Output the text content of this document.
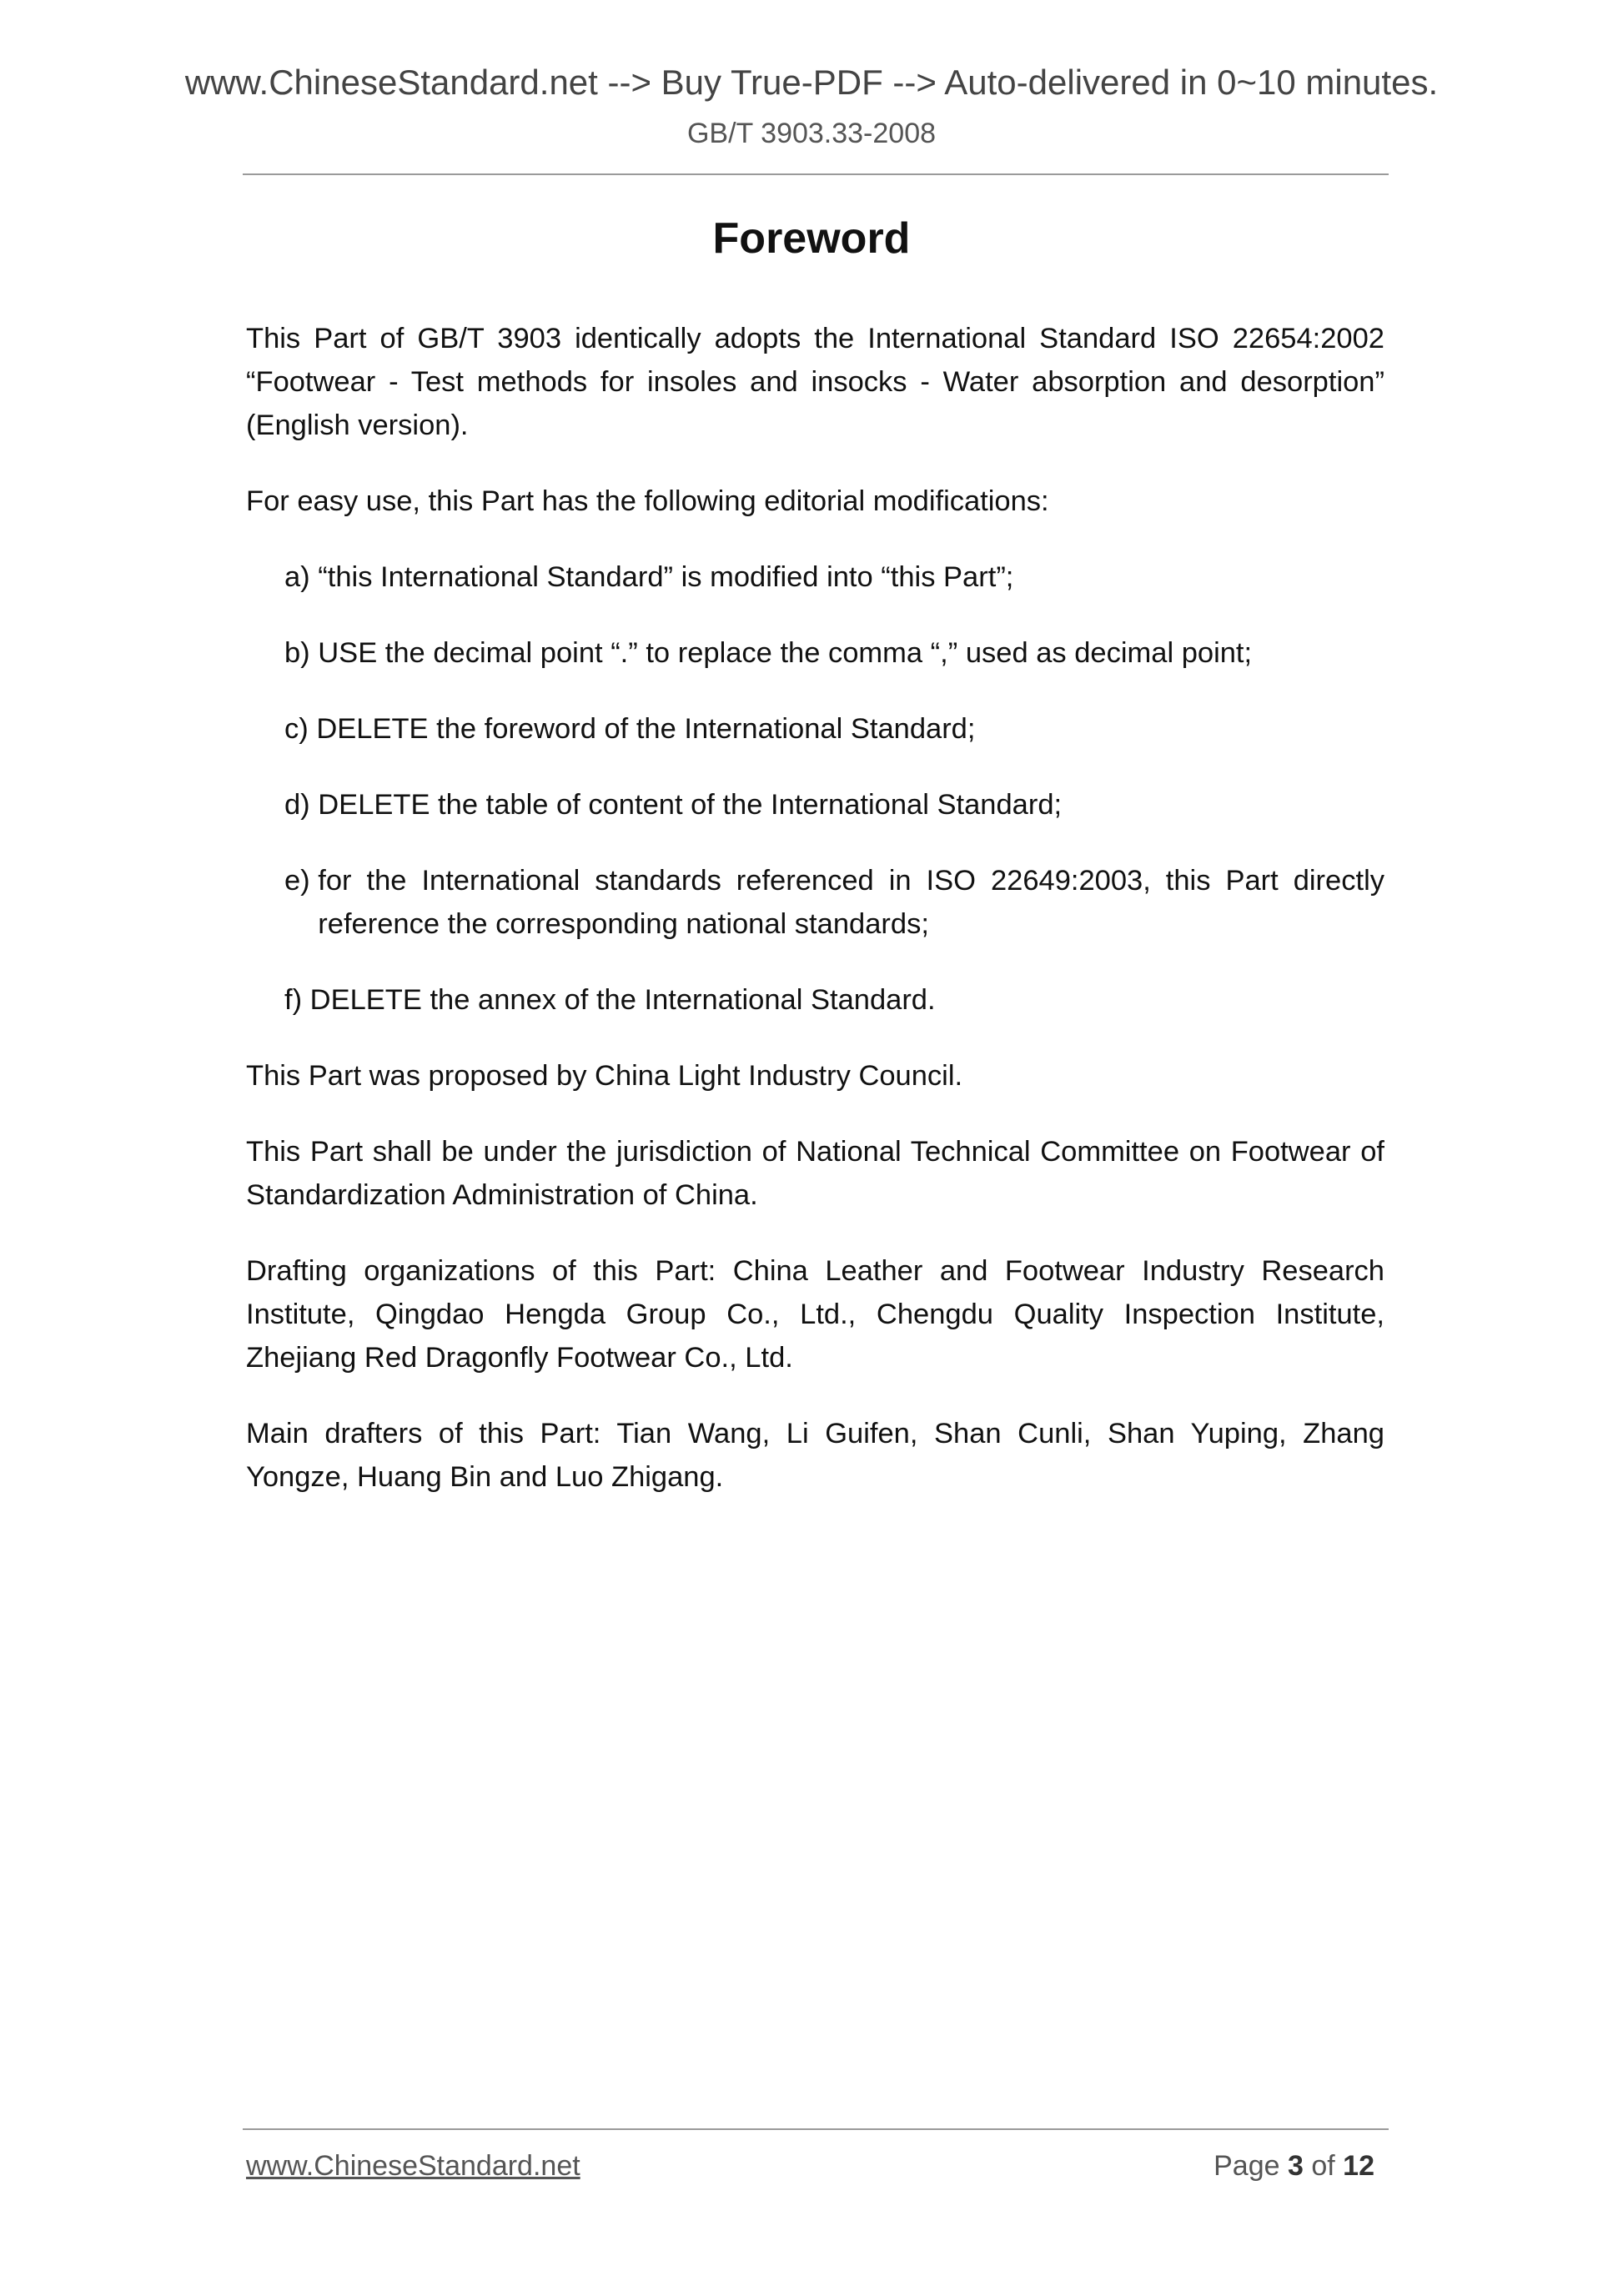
www.ChineseStandard.net --> Buy True-PDF --> Auto-delivered in 0~10 minutes.
GB/T 3903.33-2008
Foreword

This Part of GB/T 3903 identically adopts the International Standard ISO 22654:2002 “Footwear - Test methods for insoles and insocks - Water absorption and desorption” (English version).

For easy use, this Part has the following editorial modifications:

a) “this International Standard” is modified into “this Part”;
b) USE the decimal point “.” to replace the comma “,” used as decimal point;
c) DELETE the foreword of the International Standard;
d) DELETE the table of content of the International Standard;
e) for the International standards referenced in ISO 22649:2003, this Part directly reference the corresponding national standards;
f) DELETE the annex of the International Standard.

This Part was proposed by China Light Industry Council.

This Part shall be under the jurisdiction of National Technical Committee on Footwear of Standardization Administration of China.

Drafting organizations of this Part: China Leather and Footwear Industry Research Institute, Qingdao Hengda Group Co., Ltd., Chengdu Quality Inspection Institute, Zhejiang Red Dragonfly Footwear Co., Ltd.

Main drafters of this Part: Tian Wang, Li Guifen, Shan Cunli, Shan Yuping, Zhang Yongze, Huang Bin and Luo Zhigang.

www.ChineseStandard.net	Page 3 of 12
